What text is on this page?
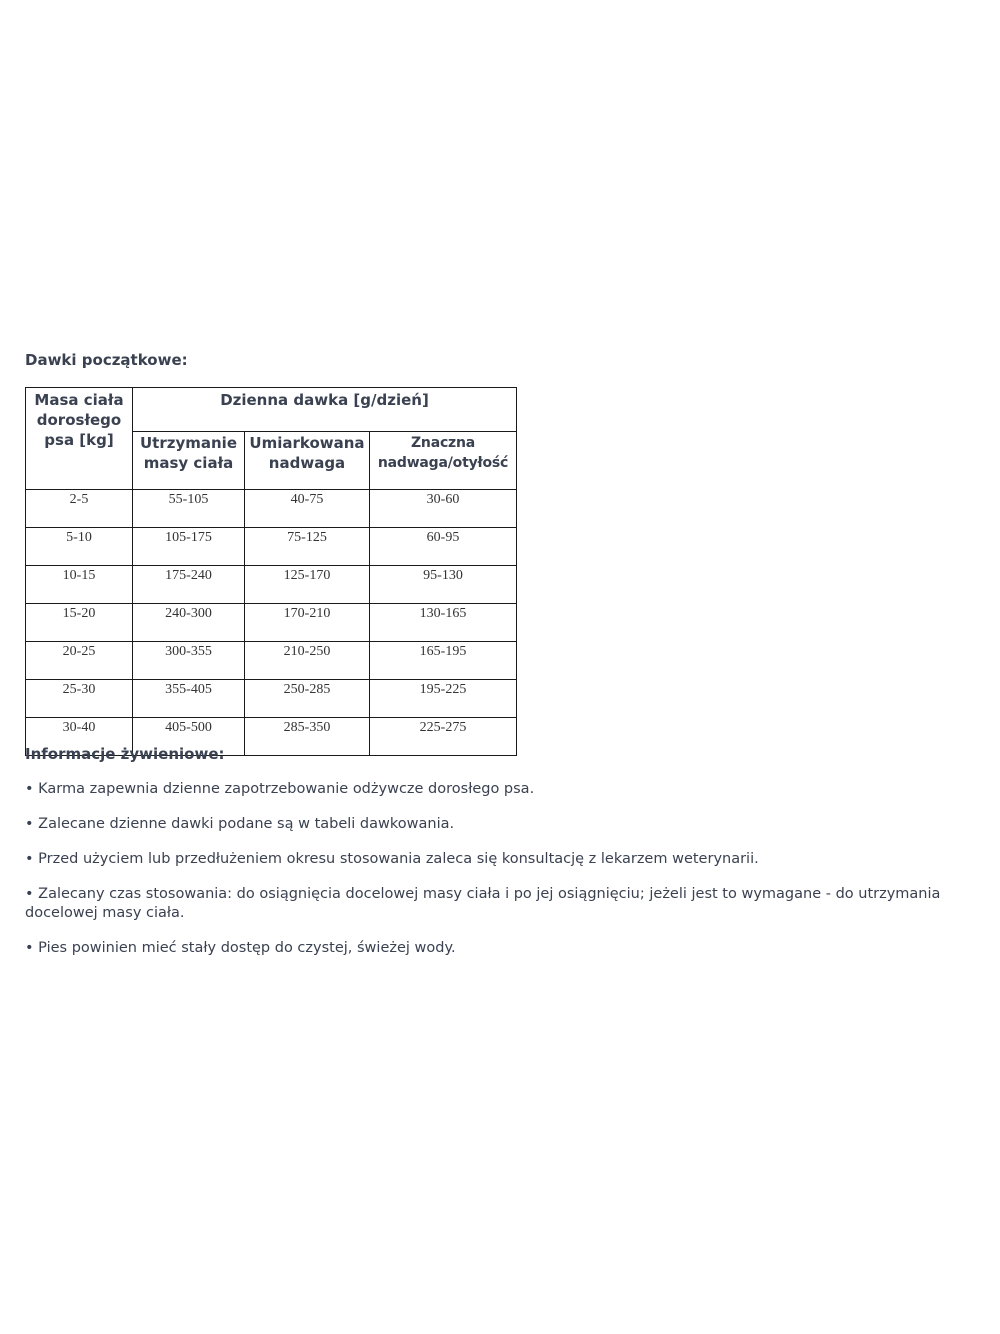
Dawki początkowe:
Masa ciała dorosłego psa [kg]	Dzienna dawka [g/dzień]		
	Utrzymanie masy ciała	Umiarkowana nadwaga	Znaczna nadwaga/otyłość
2-5	55-105	40-75	30-60
5-10	105-175	75-125	60-95
10-15	175-240	125-170	95-130
15-20	240-300	170-210	130-165
20-25	300-355	210-250	165-195
25-30	355-405	250-285	195-225
30-40	405-500	285-350	225-275
Informacje żywieniowe:
• Karma zapewnia dzienne zapotrzebowanie odżywcze dorosłego psa.
• Zalecane dzienne dawki podane są w tabeli dawkowania.
• Przed użyciem lub przedłużeniem okresu stosowania zaleca się konsultację z lekarzem weterynarii.
• Zalecany czas stosowania: do osiągnięcia docelowej masy ciała i po jej osiągnięciu; jeżeli jest to wymagane - do utrzymania docelowej masy ciała.
• Pies powinien mieć stały dostęp do czystej, świeżej wody.
